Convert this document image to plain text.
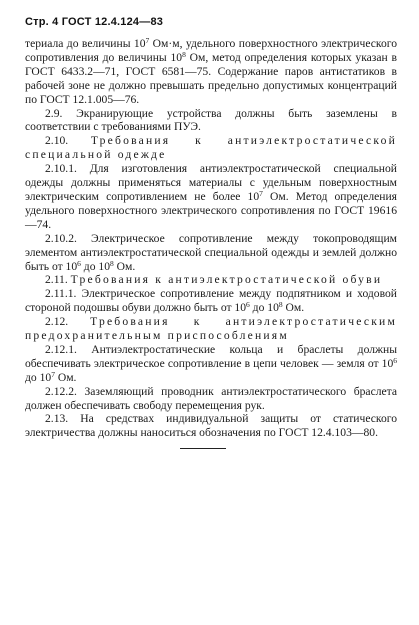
Стр. 4 ГОСТ 12.4.124—83

териала до величины $10^7$ Ом·м, удельного поверхностного электрического сопротивления до величины $10^8$ Ом, метод определения которых указан в ГОСТ 6433.2—71, ГОСТ 6581—75. Содержание паров антистатиков в рабочей зоне не должно превышать предельно допустимых концентраций по ГОСТ 12.1.005—76.

2.9. Экранирующие устройства должны быть заземлены в соответствии с требованиями ПУЭ.

2.10. Требования к антиэлектростатической специальной одежде

2.10.1. Для изготовления антиэлектростатической специальной одежды должны применяться материалы с удельным поверхностным электрическим сопротивлением не более $10^7$ Ом. Метод определения удельного поверхностного электрического сопротивления по ГОСТ 19616—74.

2.10.2. Электрическое сопротивление между токопроводящим элементом антиэлектростатической специальной одежды и землей должно быть от $10^6$ до $10^8$ Ом.

2.11. Требования к антиэлектростатической обуви

2.11.1. Электрическое сопротивление между подпятником и ходовой стороной подошвы обуви должно быть от $10^6$ до $10^8$ Ом.

2.12. Требования к антиэлектростатическим предохранительным приспособлениям

2.12.1. Антиэлектростатические кольца и браслеты должны обеспечивать электрическое сопротивление в цепи человек — земля от $10^6$ до $10^7$ Ом.

2.12.2. Заземляющий проводник антиэлектростатического браслета должен обеспечивать свободу перемещения рук.

2.13. На средствах индивидуальной защиты от статического электричества должны наноситься обозначения по ГОСТ 12.4.103—80.
